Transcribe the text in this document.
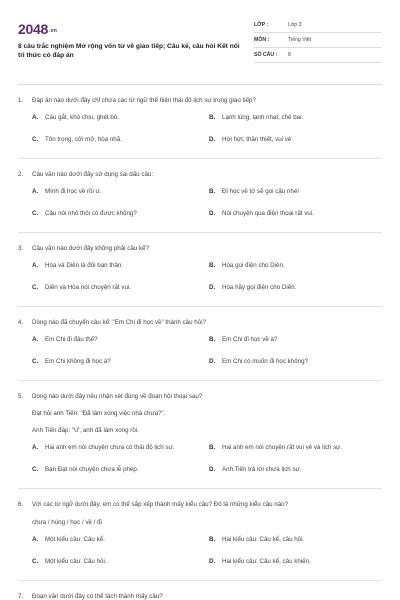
2048 .vn
8 câu trắc nghiệm Mở rộng vốn từ về giao tiếp; Câu kể, câu hỏi Kết nối tri thức có đáp án
LỚP :	Lớp 3
MÔN :	Tiếng Việt
SỐ CÂU :	8
1.	Đáp án nào dưới đây chỉ chứa các từ ngữ thể hiện thái độ lịch sự trong giao tiếp?
A.	Cáu gắt, khó chịu, ghét bỏ.	B.	Lạnh lùng, lạnh nhạt, chê bai.
C.	Tôn trọng, cởi mở, hòa nhã.	D.	Hời hợt, thân thiết, vui vẻ
2.	Câu văn nào dưới đây sử dụng sai dấu câu:
A.	Mình đi học về rồi ư.	B.	Đi học về tớ sẽ gọi cậu nhé!
C.	Cậu nói nhỏ thôi có được không?	D.	Nói chuyện qua điện thoại rất vui.
3.	Câu văn nào dưới đây không phải câu kể?
A.	Hòa và Diên là đôi bạn thân.	B.	Hòa gọi điện cho Diên.
C.	Diên và Hòa nói chuyện rất vui.	D.	Hòa hãy gọi điện cho Diên.
4.	Dòng nào đã chuyển câu kể: "Em Chi đi học về" thành câu hỏi?
A.	Em Chi đi đâu thế?	B.	Em Chi đi học về à?
C.	Em Chi không đi học à?	D.	Em Chi có muốn đi học không?
5.	Dòng nào dưới đây nêu nhận xét đúng về đoạn hội thoại sau?
Đạt hỏi anh Tiến: "Đã làm xong việc nhà chưa?".
Anh Tiến đáp: "Ừ, anh đã làm xong rồi.
A.	Hai anh em nói chuyện chưa có thái độ lịch sự.	B.	Hai anh em nói chuyện rất vui vẻ và lịch sự.
C.	Bạn Đạt nói chuyện chưa lễ phép.	D.	Anh Tiến trả lời chưa lịch sự.
6.	Với các từ ngữ dưới đây, em có thể sắp xếp thành mấy kiểu câu? Đó là những kiểu câu nào?
chưa / hùng / học / về / đi
A.	Một kiểu câu: Câu kể.	B.	Hai kiểu câu: Câu kể, câu hỏi.
C.	Một kiểu câu: Câu hỏi.	D.	Hai kiểu câu: Câu kể, câu khiến.
7.	Đoạn văn dưới đây có thể tách thành mấy câu?
